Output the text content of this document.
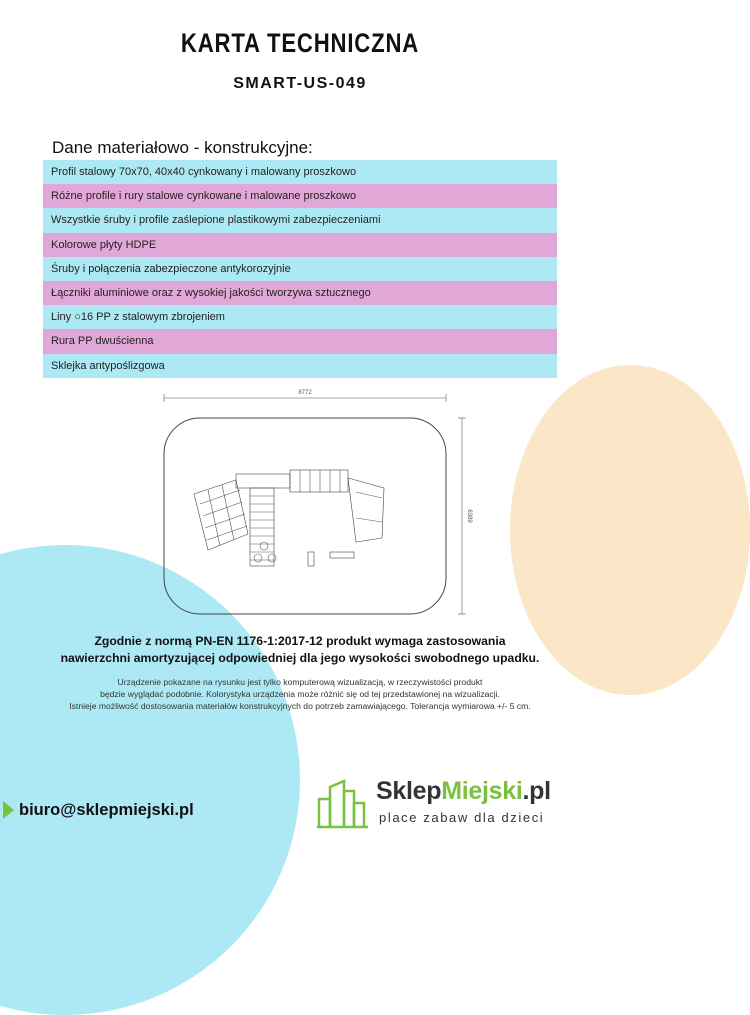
KARTA TECHNICZNA
SMART-US-049
Dane materiałowo - konstrukcyjne:
Profil stalowy 70x70, 40x40 cynkowany i malowany proszkowo
Różne profile i rury stalowe cynkowane i malowane proszkowo
Wszystkie śruby i profile zaślepione plastikowymi zabezpieczeniami
Kolorowe płyty HDPE
Śruby i połączenia zabezpieczone antykorozyjnie
Łączniki aluminiowe oraz z wysokiej jakości tworzywa sztucznego
Liny ○16 PP z stalowym zbrojeniem
Rura PP dwuścienna
Sklejka antypoślizgowa
8772
6389
Zgodnie z normą PN-EN 1176-1:2017-12 produkt wymaga zastosowania
nawierzchni amortyzującej odpowiedniej dla jego wysokości swobodnego upadku.
Urządzenie pokazane na rysunku jest tylko komputerową wizualizacją, w rzeczywistości produkt
będzie wyglądać podobnie. Kolorystyka urządzenia może różnić się od tej przedstawionej na wizualizacji.
Istnieje możliwość dostosowania materiałów konstrukcyjnych do potrzeb zamawiającego. Tolerancja wymiarowa +/- 5 cm.
biuro@sklepmiejski.pl
SklepMiejski.pl
place zabaw dla dzieci
